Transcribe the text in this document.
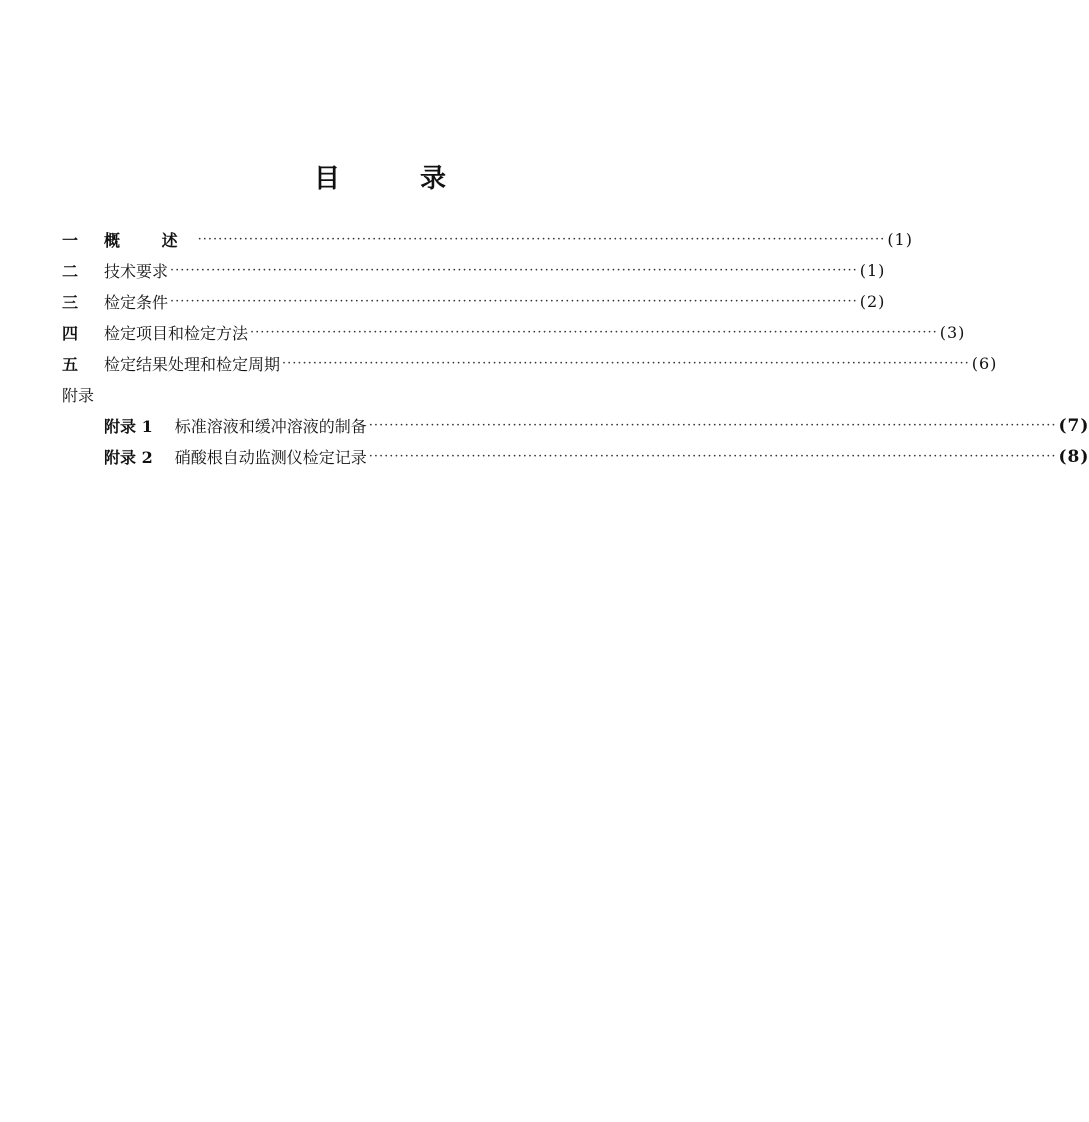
目	录
一	概 述 ······································································································································ (1)
二	技术要求 ······································································································································ (1)
三	检定条件 ······································································································································ (2)
四	检定项目和检定方法 ······································································································································ (3)
五	检定结果处理和检定周期 ······································································································································ (6)
附录
附录 1 标准溶液和缓冲溶液的制备 ······································································································································ (7)
附录 2 硝酸根自动监测仪检定记录 ······································································································································ (8)
